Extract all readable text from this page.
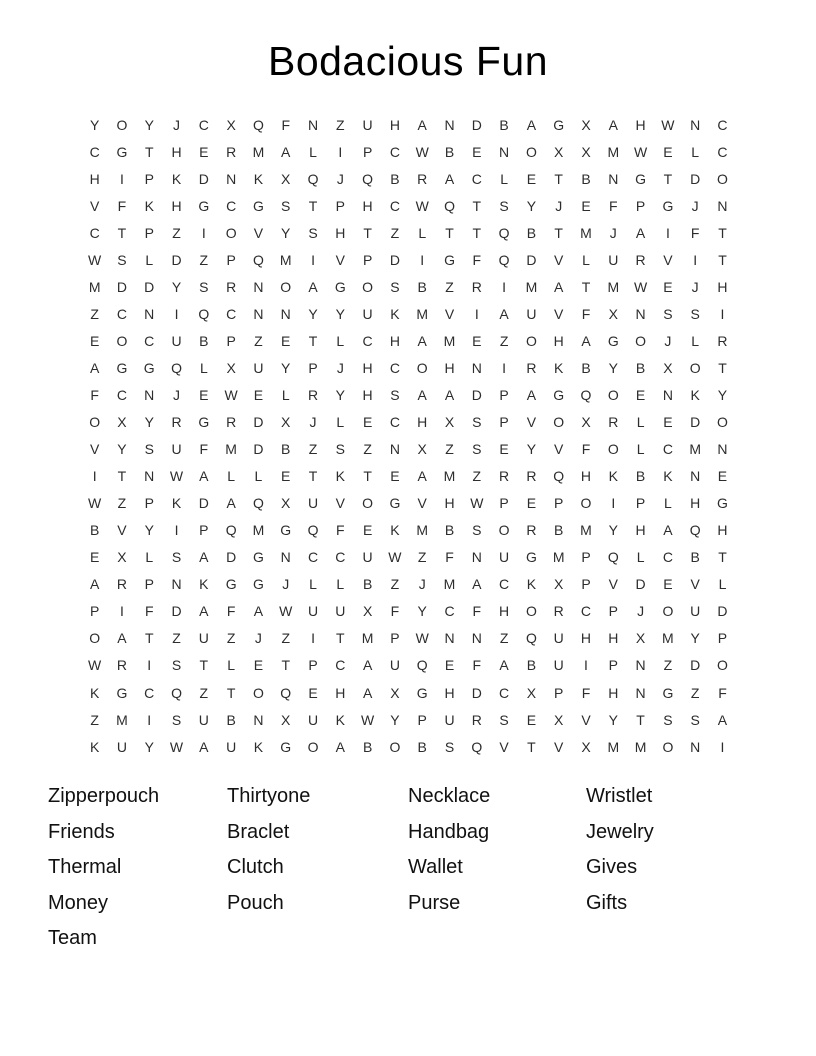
Bodacious Fun
Y	O	Y	J	C	X	Q	F	N	Z	U	H	A	N	D	B	A	G	X	A	H	W	N	C
C	G	T	H	E	R	M	A	L	I	P	C	W	B	E	N	O	X	X	M	W	E	L	C
H	I	P	K	D	N	K	X	Q	J	Q	B	R	A	C	L	E	T	B	N	G	T	D	O
V	F	K	H	G	C	G	S	T	P	H	C	W	Q	T	S	Y	J	E	F	P	G	J	N
C	T	P	Z	I	O	V	Y	S	H	T	Z	L	T	T	Q	B	T	M	J	A	I	F	T
W	S	L	D	Z	P	Q	M	I	V	P	D	I	G	F	Q	D	V	L	U	R	V	I	T
M	D	D	Y	S	R	N	O	A	G	O	S	B	Z	R	I	M	A	T	M	W	E	J	H
Z	C	N	I	Q	C	N	N	Y	Y	U	K	M	V	I	A	U	V	F	X	N	S	S	I
E	O	C	U	B	P	Z	E	T	L	C	H	A	M	E	Z	O	H	A	G	O	J	L	R
A	G	G	Q	L	X	U	Y	P	J	H	C	O	H	N	I	R	K	B	Y	B	X	O	T
F	C	N	J	E	W	E	L	R	Y	H	S	A	A	D	P	A	G	Q	O	E	N	K	Y
O	X	Y	R	G	R	D	X	J	L	E	C	H	X	S	P	V	O	X	R	L	E	D	O
V	Y	S	U	F	M	D	B	Z	S	Z	N	X	Z	S	E	Y	V	F	O	L	C	M	N
I	T	N	W	A	L	L	E	T	K	T	E	A	M	Z	R	R	Q	H	K	B	K	N	E
W	Z	P	K	D	A	Q	X	U	V	O	G	V	H	W	P	E	P	O	I	P	L	H	G
B	V	Y	I	P	Q	M	G	Q	F	E	K	M	B	S	O	R	B	M	Y	H	A	Q	H
E	X	L	S	A	D	G	N	C	C	U	W	Z	F	N	U	G	M	P	Q	L	C	B	T
A	R	P	N	K	G	G	J	L	L	B	Z	J	M	A	C	K	X	P	V	D	E	V	L
P	I	F	D	A	F	A	W	U	U	X	F	Y	C	F	H	O	R	C	P	J	O	U	D
O	A	T	Z	U	Z	J	Z	I	T	M	P	W	N	N	Z	Q	U	H	H	X	M	Y	P
W	R	I	S	T	L	E	T	P	C	A	U	Q	E	F	A	B	U	I	P	N	Z	D	O
K	G	C	Q	Z	T	O	Q	E	H	A	X	G	H	D	C	X	P	F	H	N	G	Z	F
Z	M	I	S	U	B	N	X	U	K	W	Y	P	U	R	S	E	X	V	Y	T	S	S	A
K	U	Y	W	A	U	K	G	O	A	B	O	B	S	Q	V	T	V	X	M	M	O	N	I
Zipperpouch
Friends
Thermal
Money
Team
Thirtyone
Braclet
Clutch
Pouch
Necklace
Handbag
Wallet
Purse
Wristlet
Jewelry
Gives
Gifts
